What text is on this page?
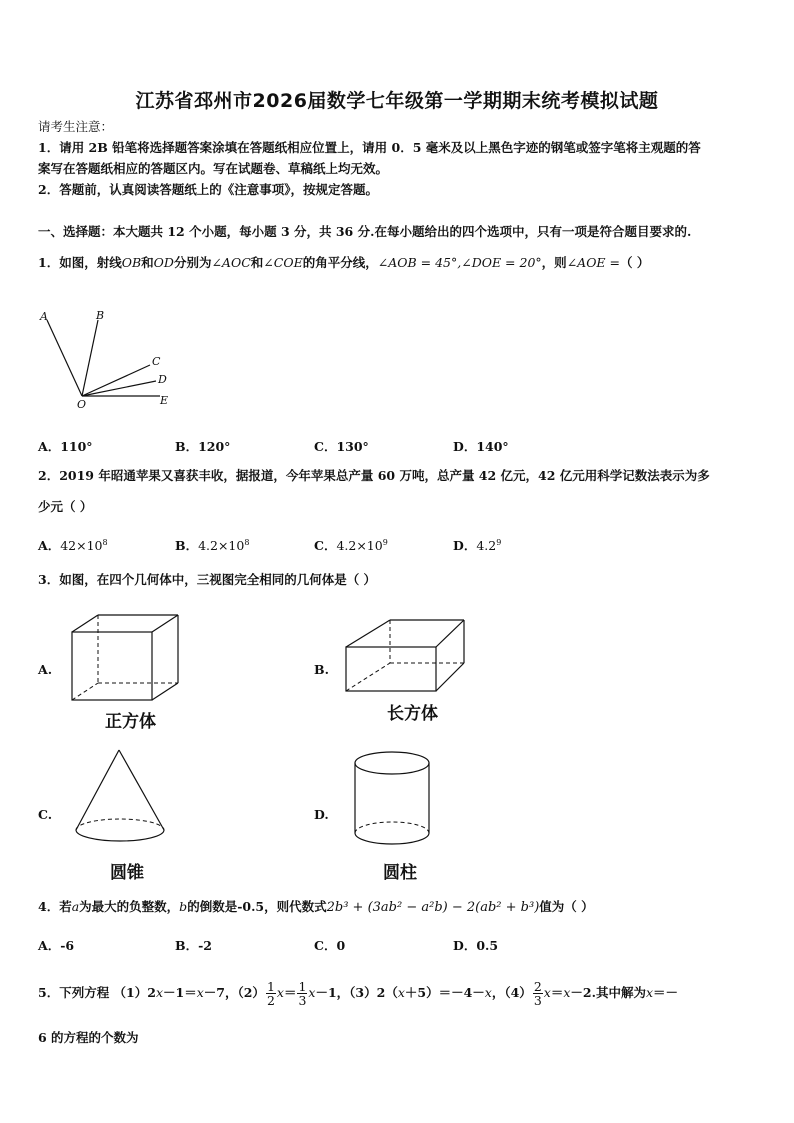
江苏省邳州市2026届数学七年级第一学期期末统考模拟试题
请考生注意：
1．请用 2B 铅笔将选择题答案涂填在答题纸相应位置上，请用 0．5 毫米及以上黑色字迹的钢笔或签字笔将主观题的答
案写在答题纸相应的答题区内。写在试题卷、草稿纸上均无效。
2．答题前，认真阅读答题纸上的《注意事项》，按规定答题。
一、选择题：本大题共 12 个小题，每小题 3 分，共 36 分.在每小题给出的四个选项中，只有一项是符合题目要求的.
1．如图，射线OB和OD分别为∠AOC和∠COE的角平分线，∠AOB = 45°,∠DOE = 20°，则∠AOE =（ ）
A	B
C
D
E
O
A．110°	B．120°	C．130°	D．140°
2．2019 年昭通苹果又喜获丰收，据报道，今年苹果总产量 60 万吨，总产量 42 亿元，42 亿元用科学记数法表示为多
少元（ ）
A．$42\times 10^8$	B．$4.2\times 10^8$	C．$4.2\times 10^9$	D．$4.2^9$
3．如图，在四个几何体中，三视图完全相同的几何体是（ ）
A.
正方体
B.
长方体
C.
圆锥
D.
圆柱
4．若a为最大的负整数，b的倒数是-0.5，则代数式2b³ + (3ab² − a²b) − 2(ab² + b³)值为（ ）
A．-6	B．-2	C．0	D．0.5
5．下列方程 （1）2x－1＝x－7，$(2) \frac{1}{2} x= \frac{1}{3} x-1$，（3）2（x＋5）＝－4－x，$(4) \frac{2}{3} x=x-2$.其中解为x＝－
6 的方程的个数为
